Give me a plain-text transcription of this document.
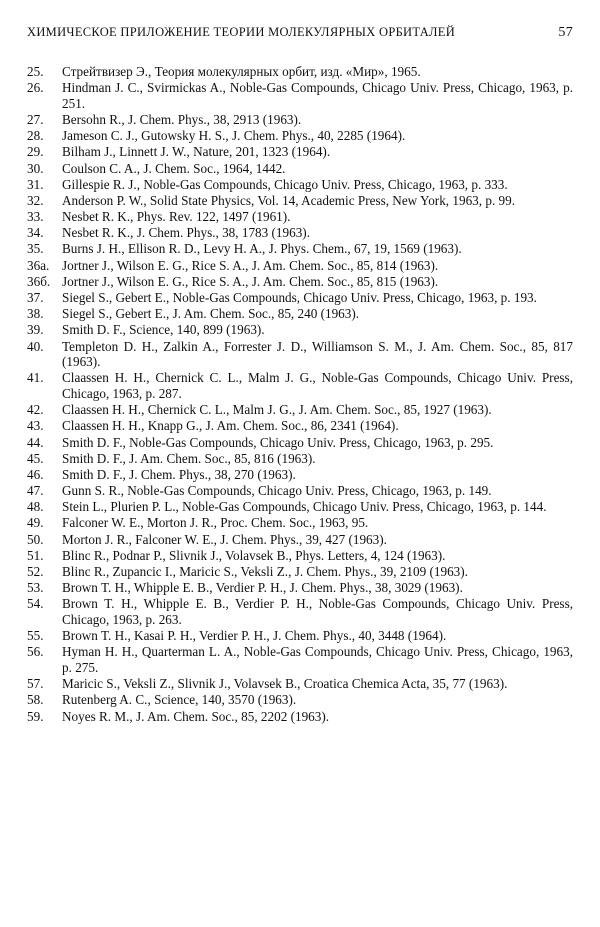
ХИМИЧЕСКОЕ ПРИЛОЖЕНИЕ ТЕОРИИ МОЛЕКУЛЯРНЫХ ОРБИТАЛЕЙ	57
25.	Стрейтвизер Э., Теория молекулярных орбит, изд. «Мир», 1965.
26.	Hindman J. C., Svirmickas A., Noble-Gas Compounds, Chicago Univ. Press, Chicago, 1963, p. 251.
27.	Bersohn R., J. Chem. Phys., 38, 2913 (1963).
28.	Jameson C. J., Gutowsky H. S., J. Chem. Phys., 40, 2285 (1964).
29.	Bilham J., Linnett J. W., Nature, 201, 1323 (1964).
30.	Coulson C. A., J. Chem. Soc., 1964, 1442.
31.	Gillespie R. J., Noble-Gas Compounds, Chicago Univ. Press, Chicago, 1963, p. 333.
32.	Anderson P. W., Solid State Physics, Vol. 14, Academic Press, New York, 1963, p. 99.
33.	Nesbet R. K., Phys. Rev. 122, 1497 (1961).
34.	Nesbet R. K., J. Chem. Phys., 38, 1783 (1963).
35.	Burns J. H., Ellison R. D., Levy H. A., J. Phys. Chem., 67, 19, 1569 (1963).
36а. Jortner J., Wilson E. G., Rice S. A., J. Am. Chem. Soc., 85, 814 (1963).
36б. Jortner J., Wilson E. G., Rice S. A., J. Am. Chem. Soc., 85, 815 (1963).
37.	Siegel S., Gebert E., Noble-Gas Compounds, Chicago Univ. Press, Chicago, 1963, p. 193.
38.	Siegel S., Gebert E., J. Am. Chem. Soc., 85, 240 (1963).
39.	Smith D. F., Science, 140, 899 (1963).
40.	Templeton D. H., Zalkin A., Forrester J. D., Williamson S. M., J. Am. Chem. Soc., 85, 817 (1963).
41.	Claassen H. H., Chernick C. L., Malm J. G., Noble-Gas Compounds, Chicago Univ. Press, Chicago, 1963, p. 287.
42.	Claassen H. H., Chernick C. L., Malm J. G., J. Am. Chem. Soc., 85, 1927 (1963).
43.	Claassen H. H., Knapp G., J. Am. Chem. Soc., 86, 2341 (1964).
44.	Smith D. F., Noble-Gas Compounds, Chicago Univ. Press, Chicago, 1963, p. 295.
45.	Smith D. F., J. Am. Chem. Soc., 85, 816 (1963).
46.	Smith D. F., J. Chem. Phys., 38, 270 (1963).
47.	Gunn S. R., Noble-Gas Compounds, Chicago Univ. Press, Chicago, 1963, p. 149.
48.	Stein L., Plurien P. L., Noble-Gas Compounds, Chicago Univ. Press, Chicago, 1963, p. 144.
49.	Falconer W. E., Morton J. R., Proc. Chem. Soc., 1963, 95.
50.	Morton J. R., Falconer W. E., J. Chem. Phys., 39, 427 (1963).
51.	Blinc R., Podnar P., Slivnik J., Volavsek B., Phys. Letters, 4, 124 (1963).
52.	Blinc R., Zupancic I., Maricic S., Veksli Z., J. Chem. Phys., 39, 2109 (1963).
53.	Brown T. H., Whipple E. B., Verdier P. H., J. Chem. Phys., 38, 3029 (1963).
54.	Brown T. H., Whipple E. B., Verdier P. H., Noble-Gas Compounds, Chicago Univ. Press, Chicago, 1963, p. 263.
55.	Brown T. H., Kasai P. H., Verdier P. H., J. Chem. Phys., 40, 3448 (1964).
56.	Hyman H. H., Quarterman L. A., Noble-Gas Compounds, Chicago Univ. Press, Chicago, 1963, p. 275.
57.	Maricic S., Veksli Z., Slivnik J., Volavsek B., Croatica Chemica Acta, 35, 77 (1963).
58.	Rutenberg A. C., Science, 140, 3570 (1963).
59.	Noyes R. M., J. Am. Chem. Soc., 85, 2202 (1963).
